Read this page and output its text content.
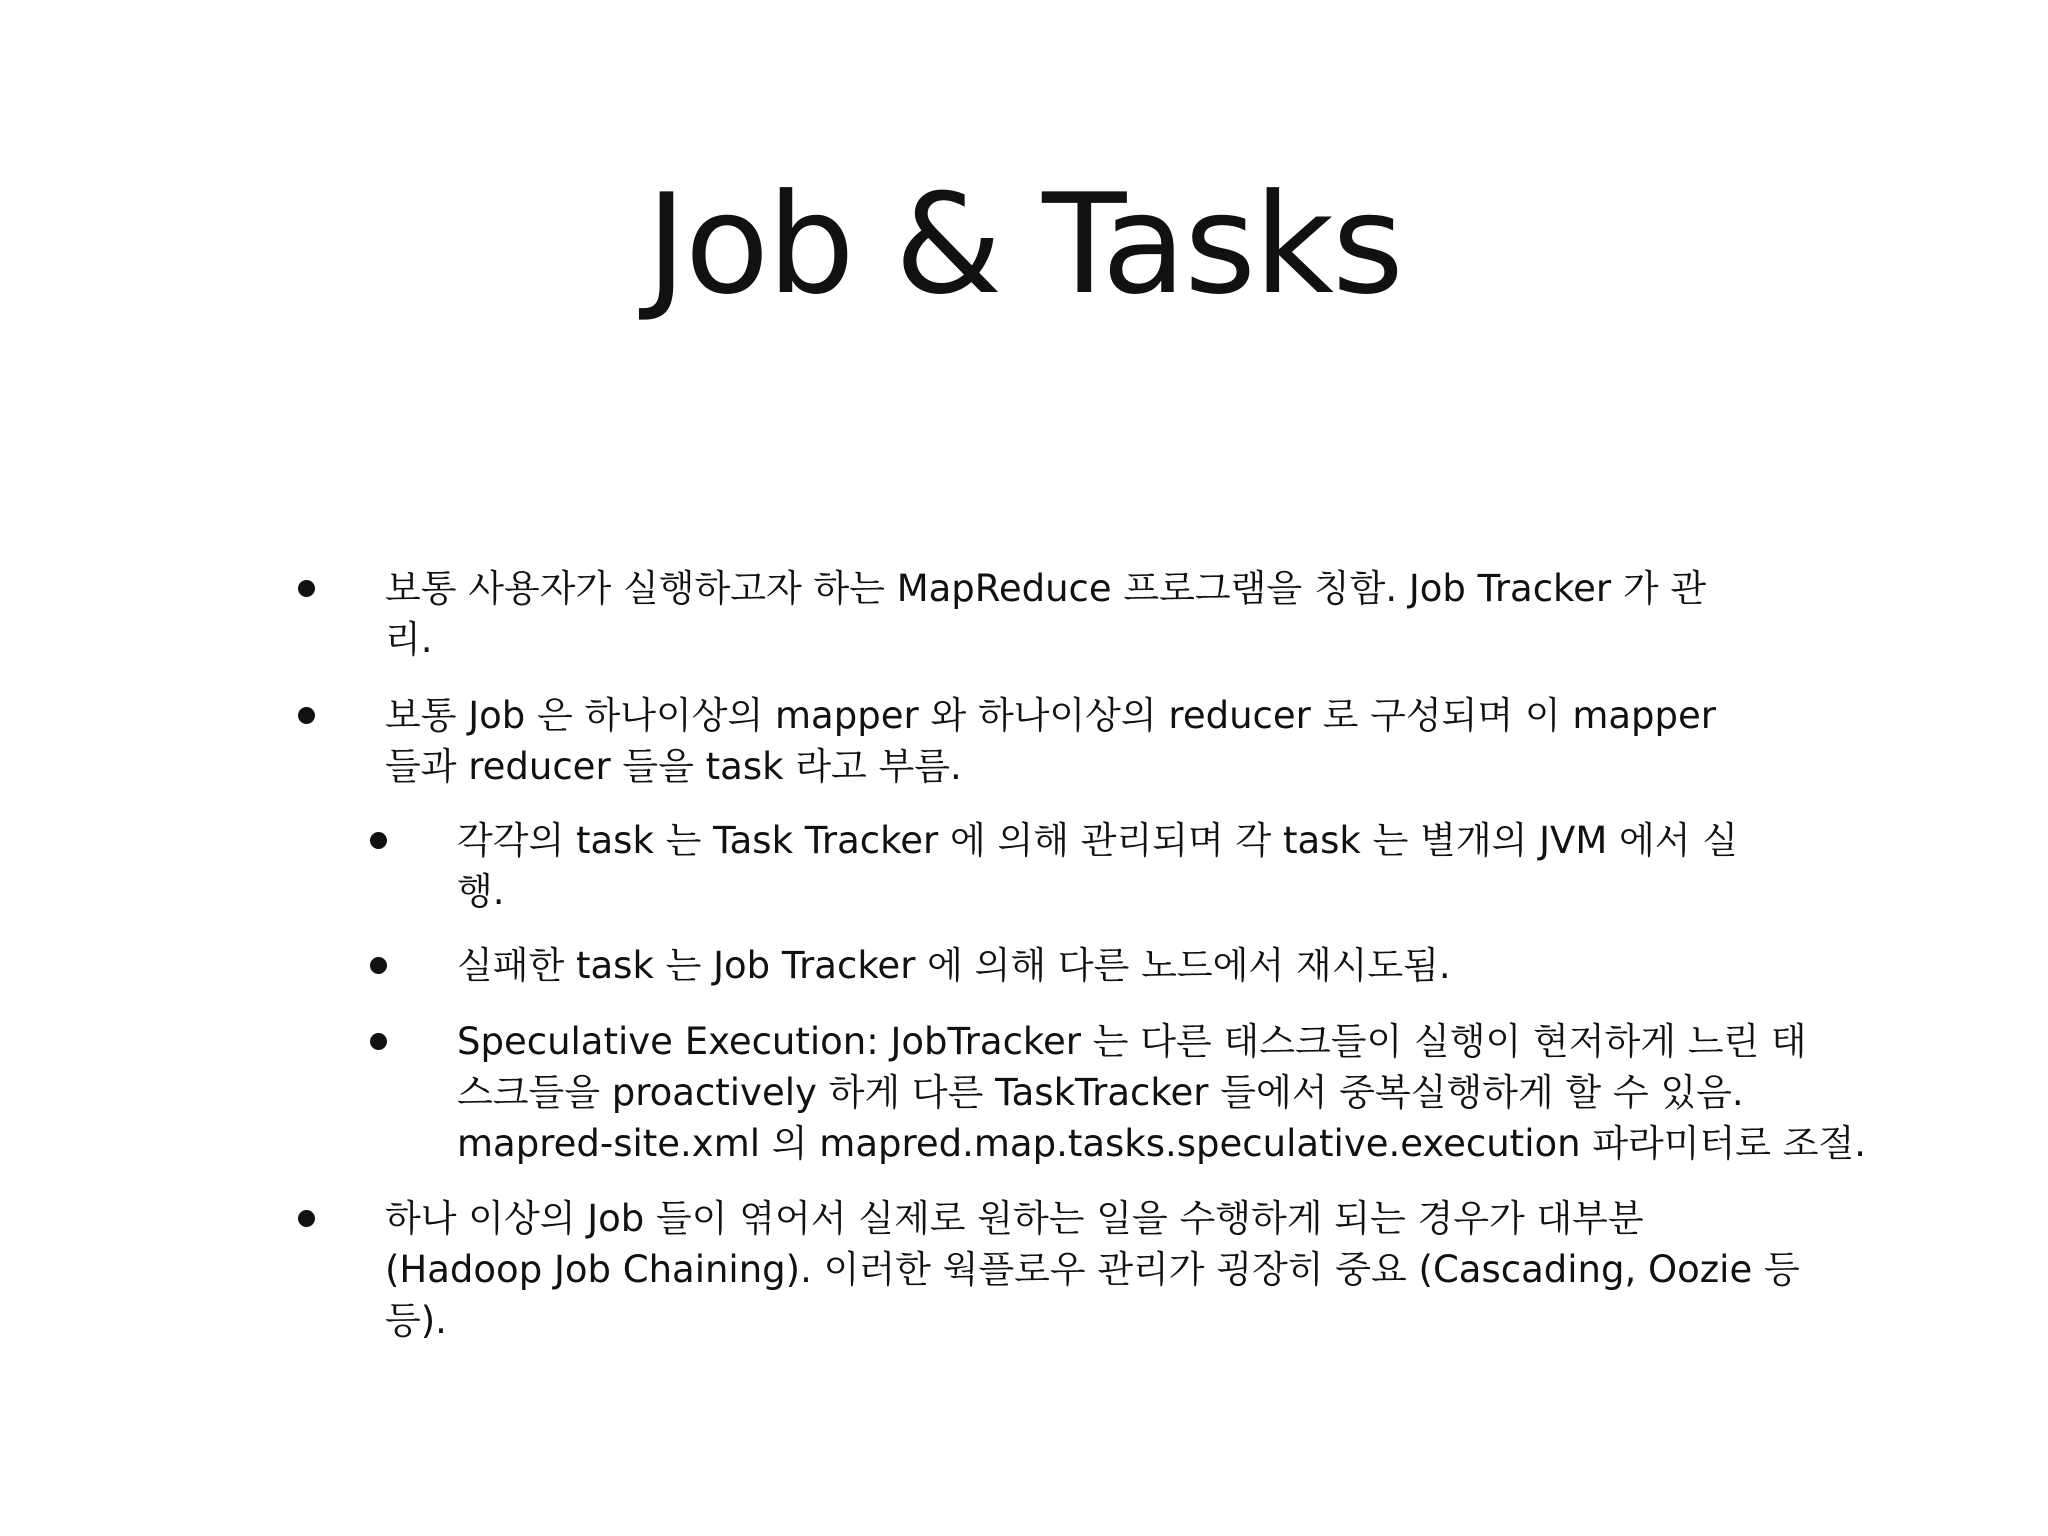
Job & Tasks
보통 사용자가 실행하고자 하는 MapReduce 프로그램을 칭함. Job Tracker 가 관
리.
보통 Job 은 하나이상의 mapper 와 하나이상의 reducer 로 구성되며 이 mapper
들과 reducer 들을 task 라고 부름.
각각의 task 는 Task Tracker 에 의해 관리되며 각 task 는 별개의 JVM 에서 실
행.
실패한 task 는 Job Tracker 에 의해 다른 노드에서 재시도됨.
Speculative Execution: JobTracker 는 다른 태스크들이 실행이 현저하게 느린 태
스크들을 proactively 하게 다른 TaskTracker 들에서 중복실행하게 할 수 있음.
mapred-site.xml 의 mapred.map.tasks.speculative.execution 파라미터로 조절.
하나 이상의 Job 들이 엮어서 실제로 원하는 일을 수행하게 되는 경우가 대부분
(Hadoop Job Chaining). 이러한 웍플로우 관리가 굉장히 중요 (Cascading, Oozie 등
등).
